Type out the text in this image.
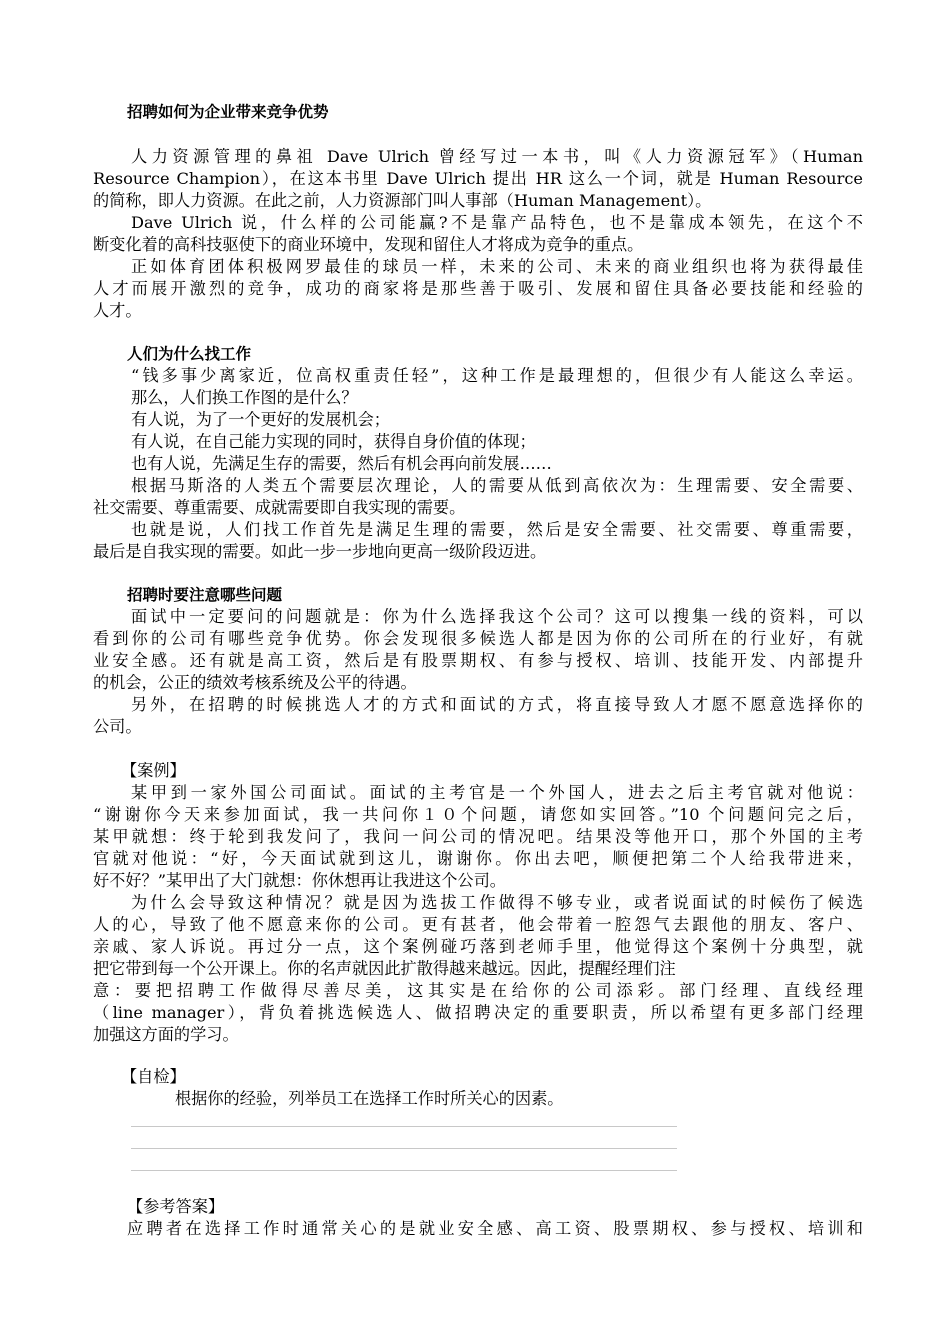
招聘如何为企业带来竞争优势
人力资源管理的鼻祖 Dave Ulrich 曾经写过一本书，叫《人力资源冠军》（Human
Resource Champion），在这本书里 Dave Ulrich 提出 HR 这么一个词，就是 Human Resource
的简称，即人力资源。在此之前，人力资源部门叫人事部（Human Management）。
Dave Ulrich 说，什么样的公司能赢?不是靠产品特色，也不是靠成本领先，在这个不
断变化着的高科技驱使下的商业环境中，发现和留住人才将成为竞争的重点。
正如体育团体积极网罗最佳的球员一样，未来的公司、未来的商业组织也将为获得最佳
人才而展开激烈的竞争，成功的商家将是那些善于吸引、发展和留住具备必要技能和经验的
人才。
人们为什么找工作
“钱多事少离家近，位高权重责任轻”，这种工作是最理想的，但很少有人能这么幸运。
那么，人们换工作图的是什么？
有人说，为了一个更好的发展机会；
有人说，在自己能力实现的同时，获得自身价值的体现；
也有人说，先满足生存的需要，然后有机会再向前发展……
根据马斯洛的人类五个需要层次理论，人的需要从低到高依次为：生理需要、安全需要、
社交需要、尊重需要、成就需要即自我实现的需要。
也就是说，人们找工作首先是满足生理的需要，然后是安全需要、社交需要、尊重需要，
最后是自我实现的需要。如此一步一步地向更高一级阶段迈进。
招聘时要注意哪些问题
面试中一定要问的问题就是：你为什么选择我这个公司？这可以搜集一线的资料，可以
看到你的公司有哪些竞争优势。你会发现很多候选人都是因为你的公司所在的行业好，有就
业安全感。还有就是高工资，然后是有股票期权、有参与授权、培训、技能开发、内部提升
的机会，公正的绩效考核系统及公平的待遇。
另外，在招聘的时候挑选人才的方式和面试的方式，将直接导致人才愿不愿意选择你的
公司。
【案例】
某甲到一家外国公司面试。面试的主考官是一个外国人，进去之后主考官就对他说：
“谢谢你今天来参加面试，我一共问你１０个问题，请您如实回答。”10 个问题问完之后，
某甲就想：终于轮到我发问了，我问一问公司的情况吧。结果没等他开口，那个外国的主考
官就对他说：“好，今天面试就到这儿，谢谢你。你出去吧，顺便把第二个人给我带进来，
好不好？”某甲出了大门就想：你休想再让我进这个公司。
为什么会导致这种情况？就是因为选拔工作做得不够专业，或者说面试的时候伤了候选
人的心，导致了他不愿意来你的公司。更有甚者，他会带着一腔怨气去跟他的朋友、客户、
亲戚、家人诉说。再过分一点，这个案例碰巧落到老师手里，他觉得这个案例十分典型，就
把它带到每一个公开课上。你的名声就因此扩散得越来越远。因此，提醒经理们注
意：要把招聘工作做得尽善尽美，这其实是在给你的公司添彩。部门经理、直线经理
（line manager），背负着挑选候选人、做招聘决定的重要职责，所以希望有更多部门经理
加强这方面的学习。
【自检】
根据你的经验，列举员工在选择工作时所关心的因素。
【参考答案】
应聘者在选择工作时通常关心的是就业安全感、高工资、股票期权、参与授权、培训和
